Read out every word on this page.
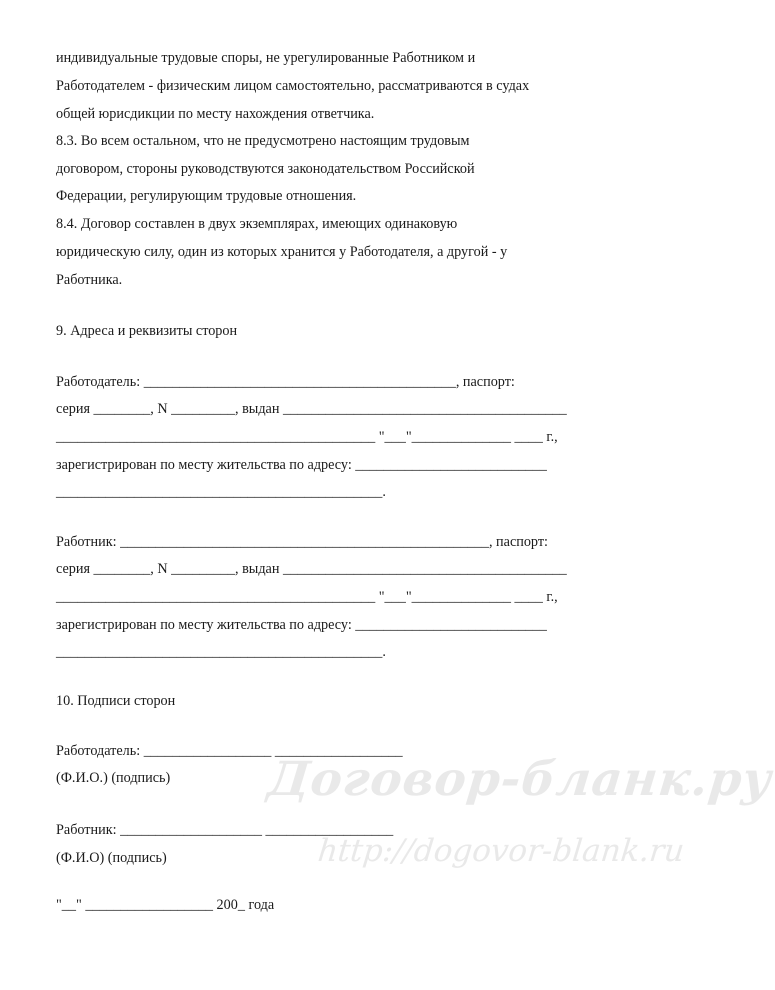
Договор-бланк.ру
http://dogovor-blank.ru
индивидуальные трудовые споры, не урегулированные Работником и
Работодателем - физическим лицом самостоятельно, рассматриваются в судах
общей юрисдикции по месту нахождения ответчика.
8.3. Во всем остальном, что не предусмотрено настоящим трудовым
договором, стороны руководствуются законодательством Российской
Федерации, регулирующим трудовые отношения.
8.4. Договор составлен в двух экземплярах, имеющих одинаковую
юридическую силу, один из которых хранится у Работодателя, а другой - у
Работника.
9. Адреса и реквизиты сторон
Работодатель: ____________________________________________, паспорт:
серия ________, N _________, выдан ________________________________________
_____________________________________________ "___"______________ ____ г.,
зарегистрирован по месту жительства по адресу: ___________________________
______________________________________________.
Работник: ____________________________________________________, паспорт:
серия ________, N _________, выдан ________________________________________
_____________________________________________ "___"______________ ____ г.,
зарегистрирован по месту жительства по адресу: ___________________________
______________________________________________.
10. Подписи сторон
Работодатель: __________________ __________________
(Ф.И.О.) (подпись)
Работник: ____________________ __________________
(Ф.И.О) (подпись)
"__" __________________ 200_ года
